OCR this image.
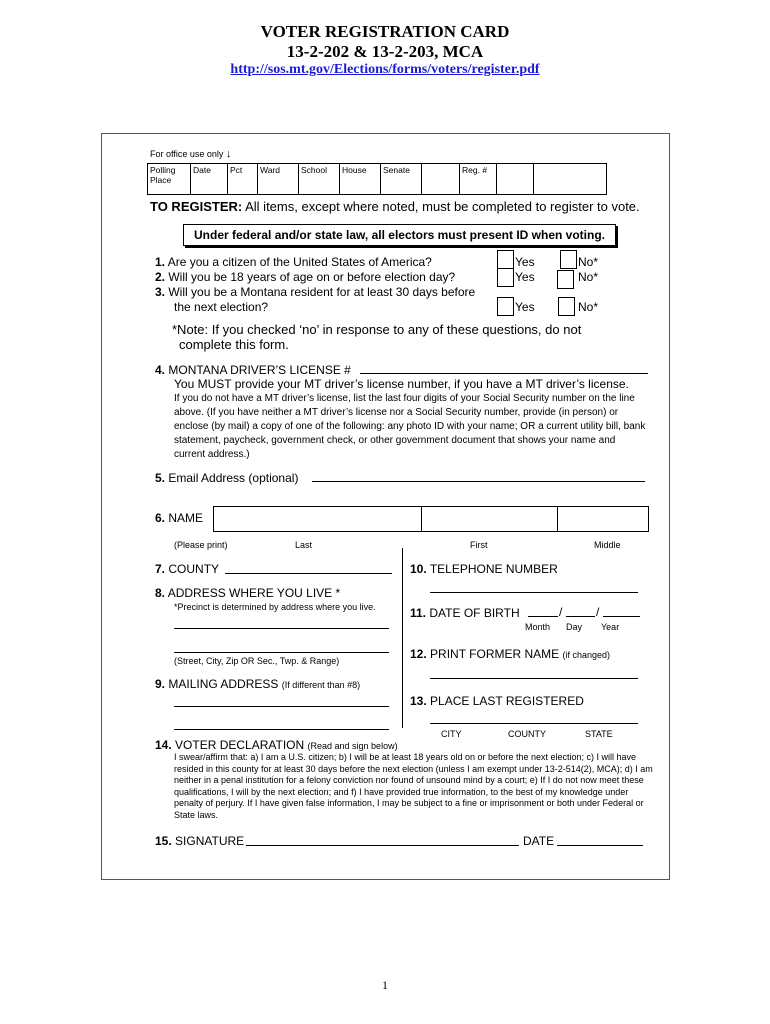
VOTER REGISTRATION CARD
13-2-202 & 13-2-203, MCA
http://sos.mt.gov/Elections/forms/voters/register.pdf
For office use only ↓
Polling Place	Date	Pct	Ward	School	House	Senate		Reg. #		
TO REGISTER: All items, except where noted, must be completed to register to vote.
Under federal and/or state law, all electors must present ID when voting.
1. Are you a citizen of the United States of America?
2. Will you be 18 years of age on or before election day?
3. Will you be a Montana resident for at least 30 days before
the next election?
Yes	No*
Yes	No*
Yes	No*
*Note: If you checked ‘no’ in response to any of these questions, do not
complete this form.
4. MONTANA DRIVER’S LICENSE #
You MUST provide your MT driver’s license number, if you have a MT driver’s license.
If you do not have a MT driver’s license, list the last four digits of your Social Security number on the line above. (If you have neither a MT driver’s license nor a Social Security number, provide (in person) or enclose (by mail) a copy of one of the following: any photo ID with your name; OR a current utility bill, bank statement, paycheck, government check, or other government document that shows your name and current address.)
5. Email Address (optional)
6. NAME
(Please print)	Last	First	Middle
7. COUNTY
8. ADDRESS WHERE YOU LIVE *
*Precinct is determined by address where you live.
(Street, City, Zip OR Sec., Twp. & Range)
9. MAILING ADDRESS (If different than #8)
10. TELEPHONE NUMBER
11. DATE OF BIRTH	/	/
Month Day Year
12. PRINT FORMER NAME (if changed)
13. PLACE LAST REGISTERED
CITY	COUNTY	STATE
14. VOTER DECLARATION (Read and sign below)
I swear/affirm that: a) I am a U.S. citizen; b) I will be at least 18 years old on or before the next election; c) I will have resided in this county for at least 30 days before the next election (unless I am exempt under 13-2-514(2), MCA); d) I am neither in a penal institution for a felony conviction nor found of unsound mind by a court; e) If I do not now meet these qualifications, I will by the next election; and f) I have provided true information, to the best of my knowledge under penalty of perjury. If I have given false information, I may be subject to a fine or imprisonment or both under Federal or State laws.
15. SIGNATURE	DATE
1
